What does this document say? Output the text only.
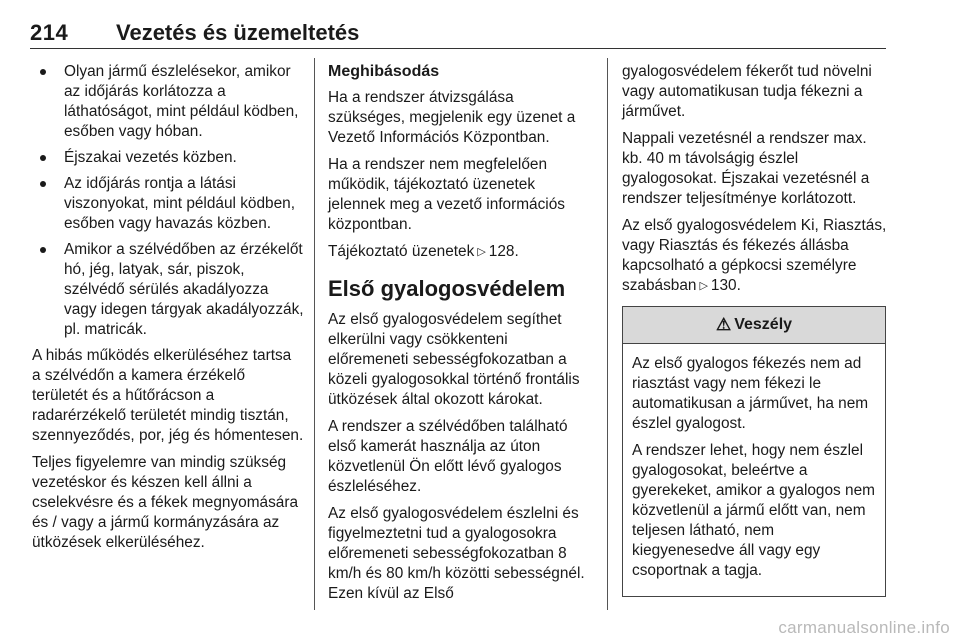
214 Vezetés és üzemeltetés
Olyan jármű észlelésekor, amikor az időjárás korlátozza a láthatóságot, mint például ködben, esőben vagy hóban.
Éjszakai vezetés közben.
Az időjárás rontja a látási viszonyokat, mint például ködben, esőben vagy havazás közben.
Amikor a szélvédőben az érzékelőt hó, jég, latyak, sár, piszok, szélvédő sérülés akadályozza vagy idegen tárgyak akadályozzák, pl. matricák.

A hibás működés elkerüléséhez tartsa a szélvédőn a kamera érzékelő területét és a hűtőrácson a radarérzékelő területét mindig tisztán, szennyeződés, por, jég és hómentesen.

Teljes figyelemre van mindig szükség vezetéskor és készen kell állni a cselekvésre és a fékek megnyomására és / vagy a jármű kormányzására az ütközések elkerüléséhez.

Meghibásodás

Ha a rendszer átvizsgálása szükséges, megjelenik egy üzenet a Vezető Információs Központban.

Ha a rendszer nem megfelelően működik, tájékoztató üzenetek jelennek meg a vezető információs központban.

Tájékoztató üzenetek ▷ 128.

Első gyalogosvédelem

Az első gyalogosvédelem segíthet elkerülni vagy csökkenteni előremeneti sebességfokozatban a közeli gyalogosokkal történő frontális ütközések által okozott károkat.

A rendszer a szélvédőben található első kamerát használja az úton közvetlenül Ön előtt lévő gyalogos észleléséhez.

Az első gyalogosvédelem észlelni és figyelmeztetni tud a gyalogosokra előremeneti sebességfokozatban 8 km/h és 80 km/h közötti sebességnél. Ezen kívül az Első

gyalogosvédelem fékerőt tud növelni vagy automatikusan tudja fékezni a járművet.

Nappali vezetésnél a rendszer max. kb. 40 m távolságig észlel gyalogosokat. Éjszakai vezetésnél a rendszer teljesítménye korlátozott.

Az első gyalogosvédelem Ki, Riasztás, vagy Riasztás és fékezés állásba kapcsolható a gépkocsi személyre szabásban ▷ 130.

⚠ Veszély

Az első gyalogos fékezés nem ad riasztást vagy nem fékezi le automatikusan a járművet, ha nem észlel gyalogost.

A rendszer lehet, hogy nem észlel gyalogosokat, beleértve a gyerekeket, amikor a gyalogos nem közvetlenül a jármű előtt van, nem teljesen látható, nem kiegyenesedve áll vagy egy csoportnak a tagja.

carmanualsonline.info
